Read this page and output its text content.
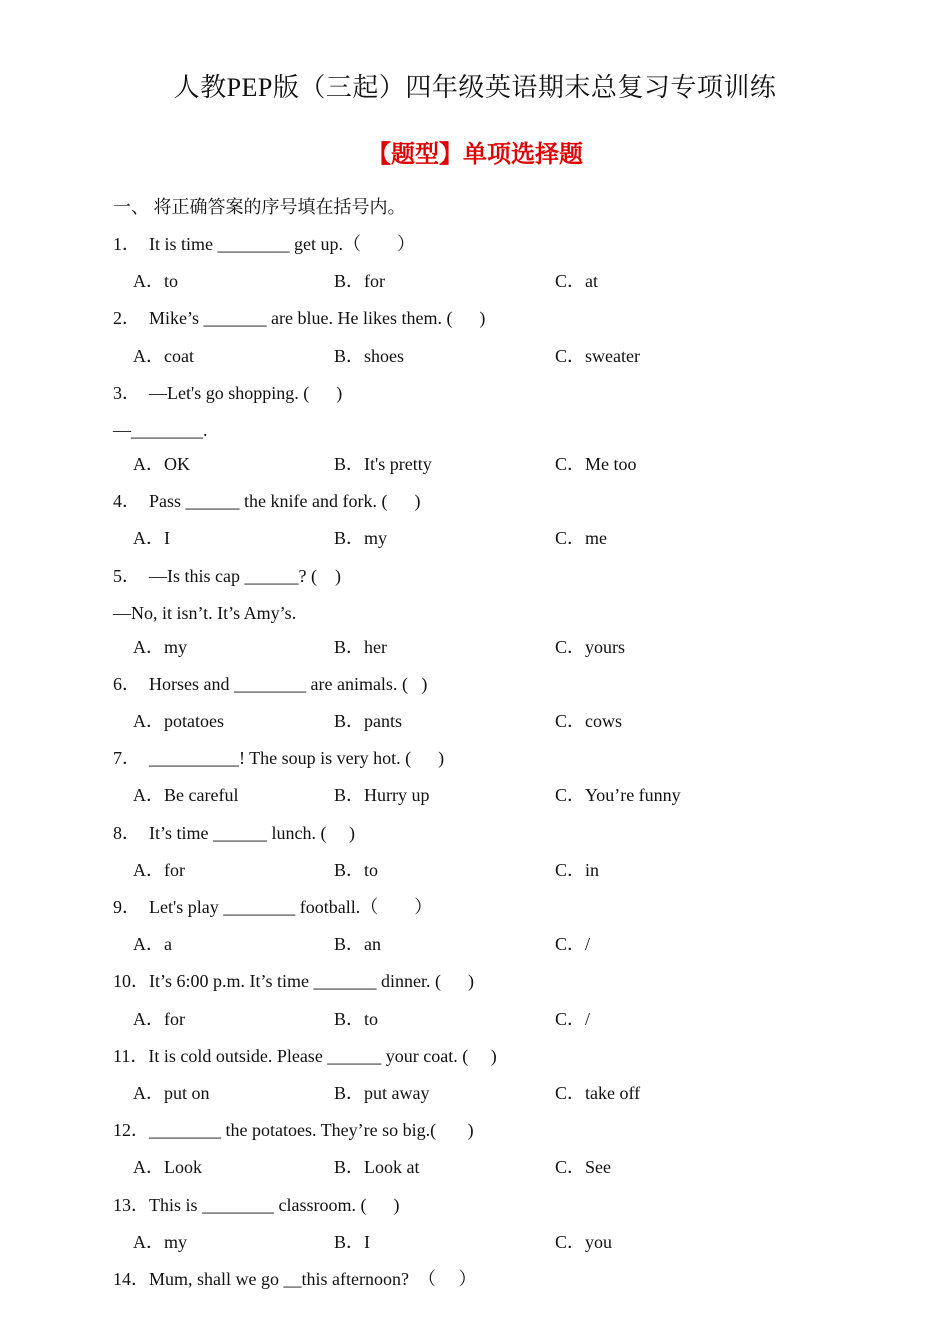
人教PEP版（三起）四年级英语期末总复习专项训练
【题型】单项选择题
一、 将正确答案的序号填在括号内。
1．  It is time ________ get up.（        ）
A．to	B．for	C．at
2．  Mike’s _______ are blue. He likes them. (      )
A．coat	B．shoes	C．sweater
3．  —Let's go shopping. (      )
—________.
A．OK	B．It's pretty	C．Me too
4．  Pass ______ the knife and fork. (      )
A．I	B．my	C．me
5．  —Is this cap ______? (    )
—No, it isn’t. It’s Amy’s.
A．my	B．her	C．yours
6．  Horses and ________ are animals. (   )
A．potatoes	B．pants	C．cows
7．  __________! The soup is very hot. (      )
A．Be careful	B．Hurry up	C．You’re funny
8．  It’s time ______ lunch. (     )
A．for	B．to	C．in
9．  Let's play ________ football.（        ）
A．a	B．an	C．/
10．It’s 6:00 p.m. It’s time _______ dinner. (      )
A．for	B．to	C．/
11．It is cold outside. Please ______ your coat. (     )
A．put on	B．put away	C．take off
12．________ the potatoes. They’re so big.(       )
A．Look	B．Look at	C．See
13．This is ________ classroom. (      )
A．my	B．I	C．you
14．Mum, shall we go __this afternoon?  （     ）
